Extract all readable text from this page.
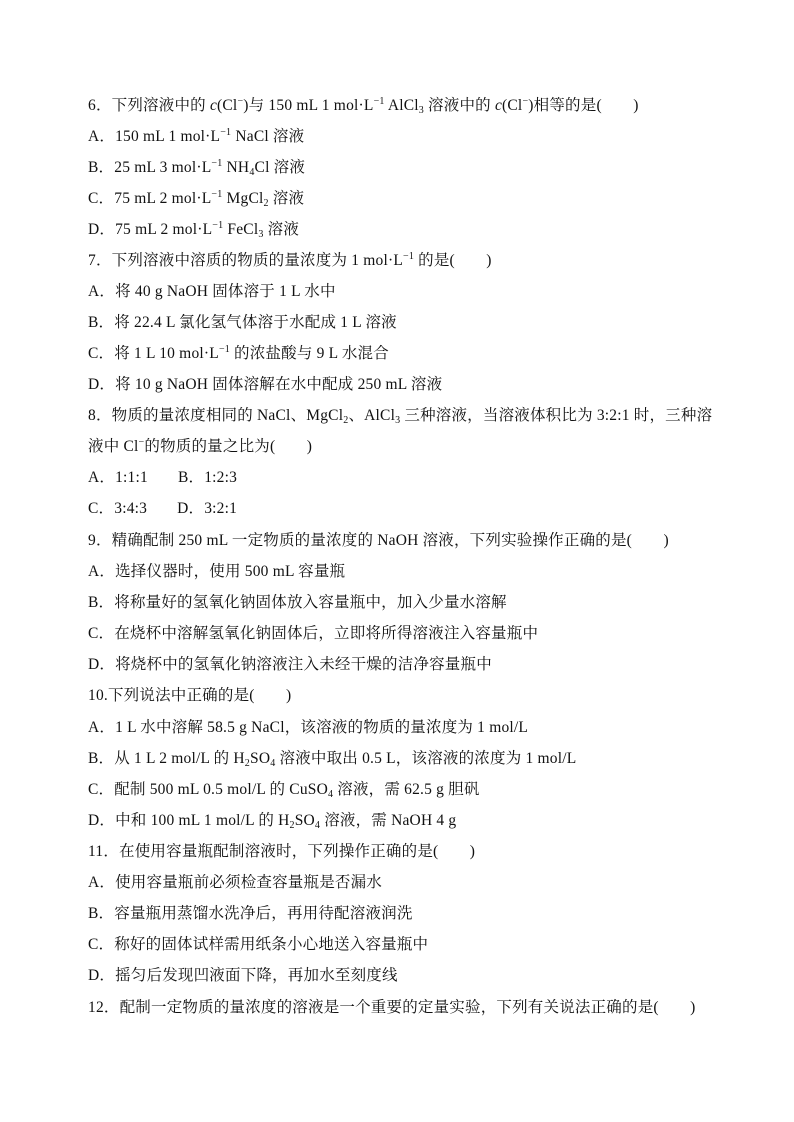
6．下列溶液中的 c(Cl−)与 150 mL 1 $mol\cdot L^{-1}$ AlCl$_3$ 溶液中的 c(Cl−)相等的是(　　)
A．150 mL 1 $mol\cdot L^{-1}$ NaCl 溶液
B．25 mL 3 $mol\cdot L^{-1}$ $NH_4Cl$ 溶液
C．75 mL 2 $mol\cdot L^{-1}$ MgCl$_2$ 溶液
D．75 mL 2 $mol\cdot L^{-1}$ FeCl$_3$ 溶液
7．下列溶液中溶质的物质的量浓度为 1 $mol\cdot L^{-1}$ 的是(　　)
A．将 40 g NaOH 固体溶于 1 L 水中
B．将 22.4 L 氯化氢气体溶于水配成 1 L 溶液
C．将 1 L 10 $mol\cdot L^{-1}$ 的浓盐酸与 9 L 水混合
D．将 10 g NaOH 固体溶解在水中配成 250 mL 溶液
8．物质的量浓度相同的 NaCl、MgCl$_2$、AlCl$_3$ 三种溶液，当溶液体积比为 3:2:1 时，三种溶
液中 Cl−的物质的量之比为(　　)
A．1:1:1 B．1:2:3
C．3:4:3 D．3:2:1
9．精确配制 250 mL 一定物质的量浓度的 NaOH 溶液，下列实验操作正确的是(　　)
A．选择仪器时，使用 500 mL 容量瓶
B．将称量好的氢氧化钠固体放入容量瓶中，加入少量水溶解
C．在烧杯中溶解氢氧化钠固体后，立即将所得溶液注入容量瓶中
D．将烧杯中的氢氧化钠溶液注入未经干燥的洁净容量瓶中
10.下列说法中正确的是(　　)
A．1 L 水中溶解 58.5 g NaCl，该溶液的物质的量浓度为 1 mol/L
B．从 1 L 2 mol/L 的 $H_2SO_4$ 溶液中取出 0.5 L，该溶液的浓度为 1 mol/L
C．配制 500 mL 0.5 mol/L 的 CuSO$_4$ 溶液，需 62.5 g 胆矾
D．中和 100 mL 1 mol/L 的 $H_2SO_4$ 溶液，需 NaOH 4 g
11．在使用容量瓶配制溶液时，下列操作正确的是(　　)
A．使用容量瓶前必须检查容量瓶是否漏水
B．容量瓶用蒸馏水洗净后，再用待配溶液润洗
C．称好的固体试样需用纸条小心地送入容量瓶中
D．摇匀后发现凹液面下降，再加水至刻度线
12．配制一定物质的量浓度的溶液是一个重要的定量实验，下列有关说法正确的是(　　)
